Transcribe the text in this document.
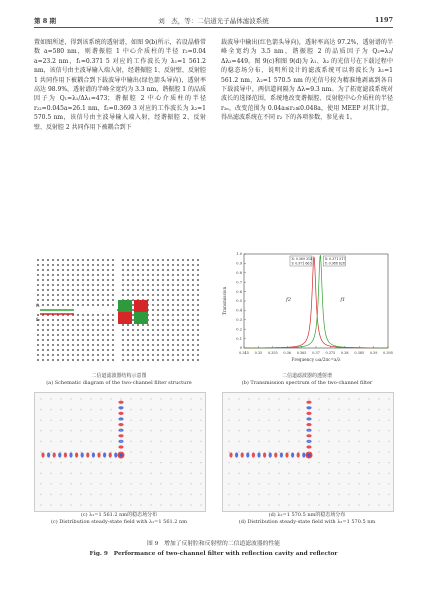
第 8 期	刘　杰，等：二信道光子晶体滤波系统	1197

置如图所述，得到该系统的透射谱，如图 9(b)所示，若设晶格常数 a=580 nm，则谐振腔 1 中心介质柱的半径 r₂=0.04 a=23.2 nm，f₁=0.371 5 对应的工作波长为 λ₁=1 561.2 nm，该信号由主波导输入端入射，经谐振腔 1、反射壁、反射腔 1 共同作用下被耦合到下载波导中输出(绿色箭头导向)，透射率高达 98.9%，透射谱的半峰全宽约为 3.3 nm，谐振腔 1 的品质因子为 Q₁=λ₁/Δλ₁=473；谐振腔 2 中心介质柱的半径 r₂₂=0.045a=26.1 nm，f₂=0.369 3 对应的工作波长为 λ₂=1 570.5 nm，该信号由主波导输入端入射，经谐振腔 2、反射壁、反射腔 2 共同作用下被耦合到下

载波导中输出(红色箭头导向)，透射率高达 97.2%，透射谱的半峰全宽约为 3.5 nm，谐振腔 2 的品质因子为 Q₂=λ₂/Δλ₂=449。图 9(c)和图 9(d)为 λ₁、λ₂ 的光信号在下载过程中的稳态场分布，说明所设计的滤波系统可以将波长为 λ₁=1 561.2 nm，λ₂=1 570.5 nm 的光信号较为精准地剥离到各自下载波导中，两信道间隔为 Δλ=9.3 nm。为了拓宽滤波系统对波长的选择范围，系统地改变谐振腔、反射腔中心介质柱的半径 r₂ₙ，改变范围为 0.04a≤r₂≤0.048a，使用 MEEP 对其计算，得出滤波系统在不同 r₂ 下的各项参数，参见表 1。

f₁
f₂
二信道滤波器结构示意图
(a) Schematic diagram of the two-channel filter structure
0.345 0.35 0.355 0.36 0.365 0.37 0.375 0.38 0.385 0.39 0.395
0
0.1
0.2
0.3
0.4
0.5
0.6
0.7
0.8
0.9
1.0
Frequency ωa/2πc=a/λ
Transmission	f2	f1
X: 0.369 314
Y: 0.971 663
X: 0.371 517
Y: 0.988 628
二信道滤波器的透射谱
(b) Transmission spectrum of the two-channel filter
(c) λ₁=1 561.2 nm的稳态场分布
(c) Distribution steady-state field with λ₁=1 561.2 nm
(d) λ₂=1 570.5 nm的稳态场分布
(d) Distribution steady-state field with λ₂=1 570.5 nm
图 9　增加了反射腔和反射壁的二信道滤波器的性能
Fig. 9　Performance of two-channel filter with reflection cavity and reflector
